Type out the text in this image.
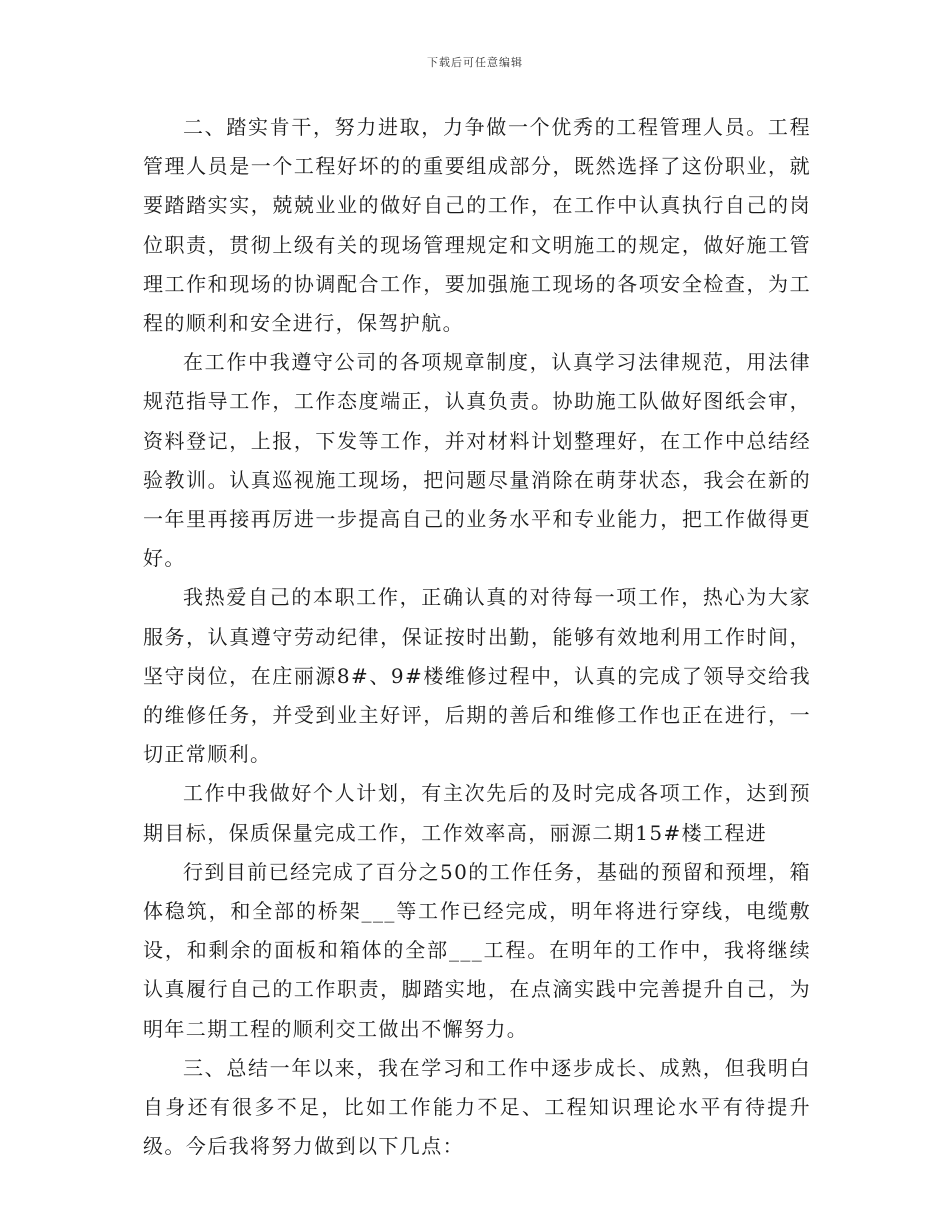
下载后可任意编辑

二、踏实肯干，努力进取，力争做一个优秀的工程管理人员。工程管理人员是一个工程好坏的的重要组成部分，既然选择了这份职业，就要踏踏实实，兢兢业业的做好自己的工作，在工作中认真执行自己的岗位职责，贯彻上级有关的现场管理规定和文明施工的规定，做好施工管理工作和现场的协调配合工作，要加强施工现场的各项安全检查，为工程的顺利和安全进行，保驾护航。

在工作中我遵守公司的各项规章制度，认真学习法律规范，用法律规范指导工作，工作态度端正，认真负责。协助施工队做好图纸会审，资料登记，上报，下发等工作，并对材料计划整理好，在工作中总结经验教训。认真巡视施工现场，把问题尽量消除在萌芽状态，我会在新的一年里再接再厉进一步提高自己的业务水平和专业能力，把工作做得更好。

我热爱自己的本职工作，正确认真的对待每一项工作，热心为大家服务，认真遵守劳动纪律，保证按时出勤，能够有效地利用工作时间，坚守岗位，在庄丽源8#、9#楼维修过程中，认真的完成了领导交给我的维修任务，并受到业主好评，后期的善后和维修工作也正在进行，一切正常顺利。

工作中我做好个人计划，有主次先后的及时完成各项工作，达到预期目标，保质保量完成工作，工作效率高，丽源二期15#楼工程进

行到目前已经完成了百分之50的工作任务，基础的预留和预埋，箱体稳筑，和全部的桥架___等工作已经完成，明年将进行穿线，电缆敷设，和剩余的面板和箱体的全部___工程。在明年的工作中，我将继续认真履行自己的工作职责，脚踏实地，在点滴实践中完善提升自己，为明年二期工程的顺利交工做出不懈努力。

三、总结一年以来，我在学习和工作中逐步成长、成熟，但我明白自身还有很多不足，比如工作能力不足、工程知识理论水平有待提升级。今后我将努力做到以下几点：
